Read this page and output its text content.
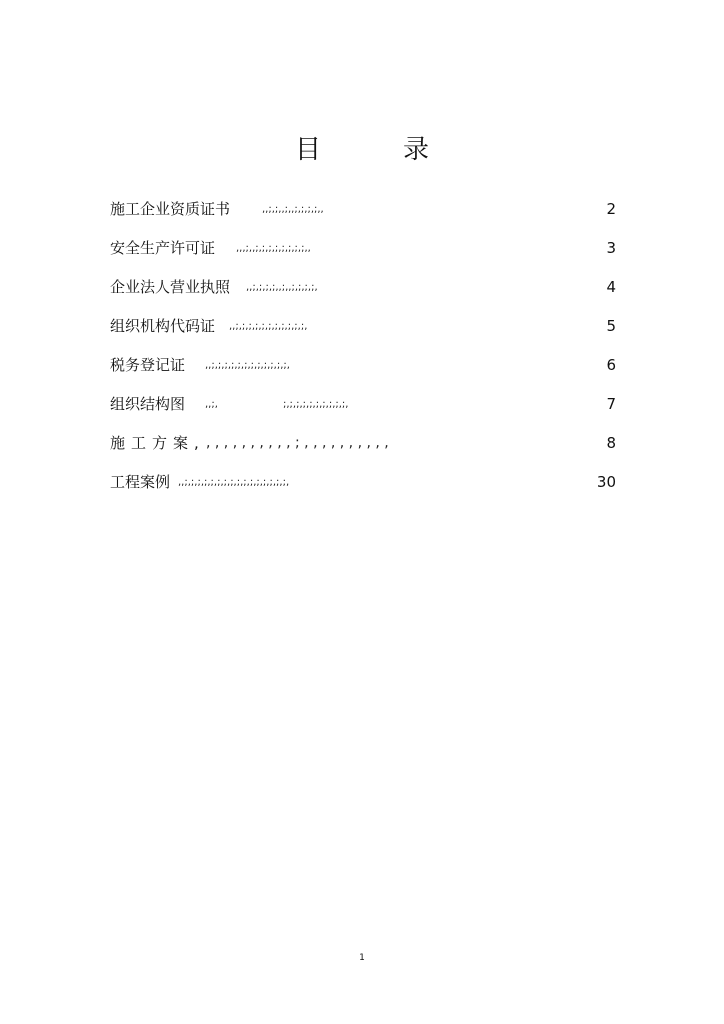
目　录
施工企业资质证书	,,;,;,,;,,;,;,;,;,,	2
安全生产许可证 ,,,;,,;,;,;,;,;,;,;,;,,	3
企业法人营业执照 ,,;,;,;,;,,;,,;,;,;,;,	4
组织机构代码证 ,,;,;,;,;,;,;,;,;,;,;,;,	5
税务登记证 ,,;,;,;,;,;,;,;,;,;,;,;,;,	6
组织结构图 ,,;,	;,;,;,;,;,;,;,;,;,;,	7
施工方案, , , , , , , , , , , ; , , , , , , , , , ,	8
工程案例 ,,;,;,;,;,;,;,;,;,;,;,;,;,;,;,;,;,	30
1
